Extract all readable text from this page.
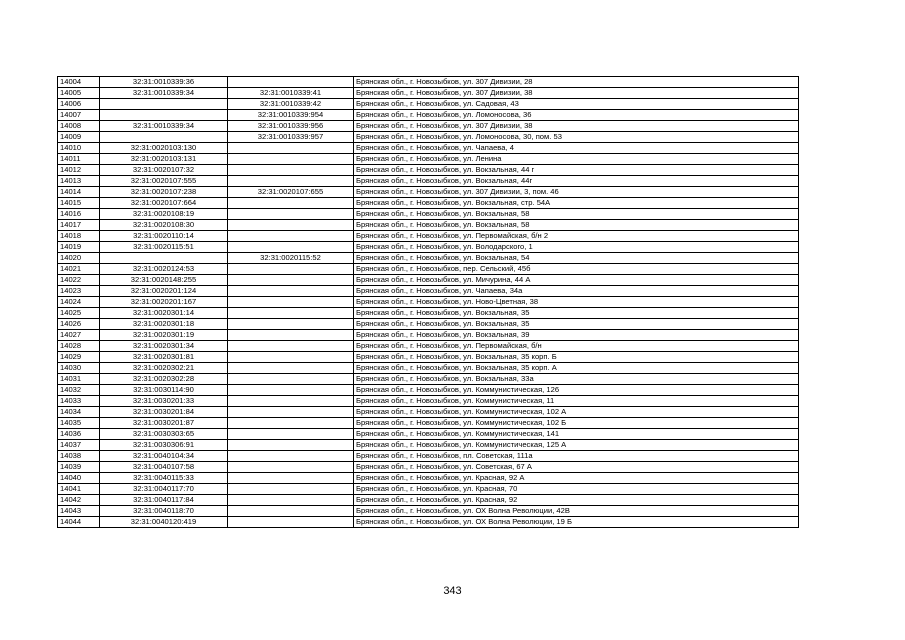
14004	32:31:0010339:36		Брянская обл., г. Новозыбков, ул. 307 Дивизии, 28
14005	32:31:0010339:34	32:31:0010339:41	Брянская обл., г. Новозыбков, ул. 307 Дивизии, 38
14006		32:31:0010339:42	Брянская обл., г. Новозыбков, ул. Садовая, 43
14007		32:31:0010339:954	Брянская обл., г. Новозыбков, ул. Ломоносова, 36
14008	32:31:0010339:34	32:31:0010339:956	Брянская обл., г. Новозыбков, ул. 307 Дивизии, 38
14009		32:31:0010339:957	Брянская обл., г. Новозыбков, ул. Ломоносова, 30, пом. 53
14010	32:31:0020103:130		Брянская обл., г. Новозыбков, ул. Чапаева, 4
14011	32:31:0020103:131		Брянская обл., г. Новозыбков, ул. Ленина
14012	32:31:0020107:32		Брянская обл., г. Новозыбков, ул. Вокзальная, 44 г
14013	32:31:0020107:555		Брянская обл., г. Новозыбков, ул. Вокзальная, 44г
14014	32:31:0020107:238	32:31:0020107:655	Брянская обл., г. Новозыбков, ул. 307 Дивизии, 3, пом. 46
14015	32:31:0020107:664		Брянская обл., г. Новозыбков, ул. Вокзальная, стр. 54А
14016	32:31:0020108:19		Брянская обл., г. Новозыбков, ул. Вокзальная, 58
14017	32:31:0020108:30		Брянская обл., г. Новозыбков, ул. Вокзальная, 58
14018	32:31:0020110:14		Брянская обл., г. Новозыбков, ул. Первомайская, б/н 2
14019	32:31:0020115:51		Брянская обл., г. Новозыбков, ул. Володарского, 1
14020		32:31:0020115:52	Брянская обл., г. Новозыбков, ул. Вокзальная, 54
14021	32:31:0020124:53		Брянская обл., г. Новозыбков, пер. Сельский, 45б
14022	32:31:0020148:255		Брянская обл., г. Новозыбков, ул. Мичурина, 44 А
14023	32:31:0020201:124		Брянская обл., г. Новозыбков, ул. Чапаева, 34а
14024	32:31:0020201:167		Брянская обл., г. Новозыбков, ул. Ново-Цветная, 38
14025	32:31:0020301:14		Брянская обл., г. Новозыбков, ул. Вокзальная, 35
14026	32:31:0020301:18		Брянская обл., г. Новозыбков, ул. Вокзальная, 35
14027	32:31:0020301:19		Брянская обл., г. Новозыбков, ул. Вокзальная, 39
14028	32:31:0020301:34		Брянская обл., г. Новозыбков, ул. Первомайская, б/н
14029	32:31:0020301:81		Брянская обл., г. Новозыбков, ул. Вокзальная, 35 корп. Б
14030	32:31:0020302:21		Брянская обл., г. Новозыбков, ул. Вокзальная, 35 корп. А
14031	32:31:0020302:28		Брянская обл., г. Новозыбков, ул. Вокзальная, 33а
14032	32:31:0030114:90		Брянская обл., г. Новозыбков, ул. Коммунистическая, 126
14033	32:31:0030201:33		Брянская обл., г. Новозыбков, ул. Коммунистическая, 11
14034	32:31:0030201:84		Брянская обл., г. Новозыбков, ул. Коммунистическая, 102 А
14035	32:31:0030201:87		Брянская обл., г. Новозыбков, ул. Коммунистическая, 102 Б
14036	32:31:0030303:65		Брянская обл., г. Новозыбков, ул. Коммунистическая, 141
14037	32:31:0030306:91		Брянская обл., г. Новозыбков, ул. Коммунистическая, 125 А
14038	32:31:0040104:34		Брянская обл., г. Новозыбков, пл. Советская, 111а
14039	32:31:0040107:58		Брянская обл., г. Новозыбков, ул. Советская, 67 А
14040	32:31:0040115:33		Брянская обл., г. Новозыбков, ул. Красная, 92 А
14041	32:31:0040117:70		Брянская обл., г. Новозыбков, ул. Красная, 70
14042	32:31:0040117:84		Брянская обл., г. Новозыбков, ул. Красная, 92
14043	32:31:0040118:70		Брянская обл., г. Новозыбков, ул. ОХ Волна Революции, 42В
14044	32:31:0040120:419		Брянская обл., г. Новозыбков, ул. ОХ Волна Революции, 19 Б
343
